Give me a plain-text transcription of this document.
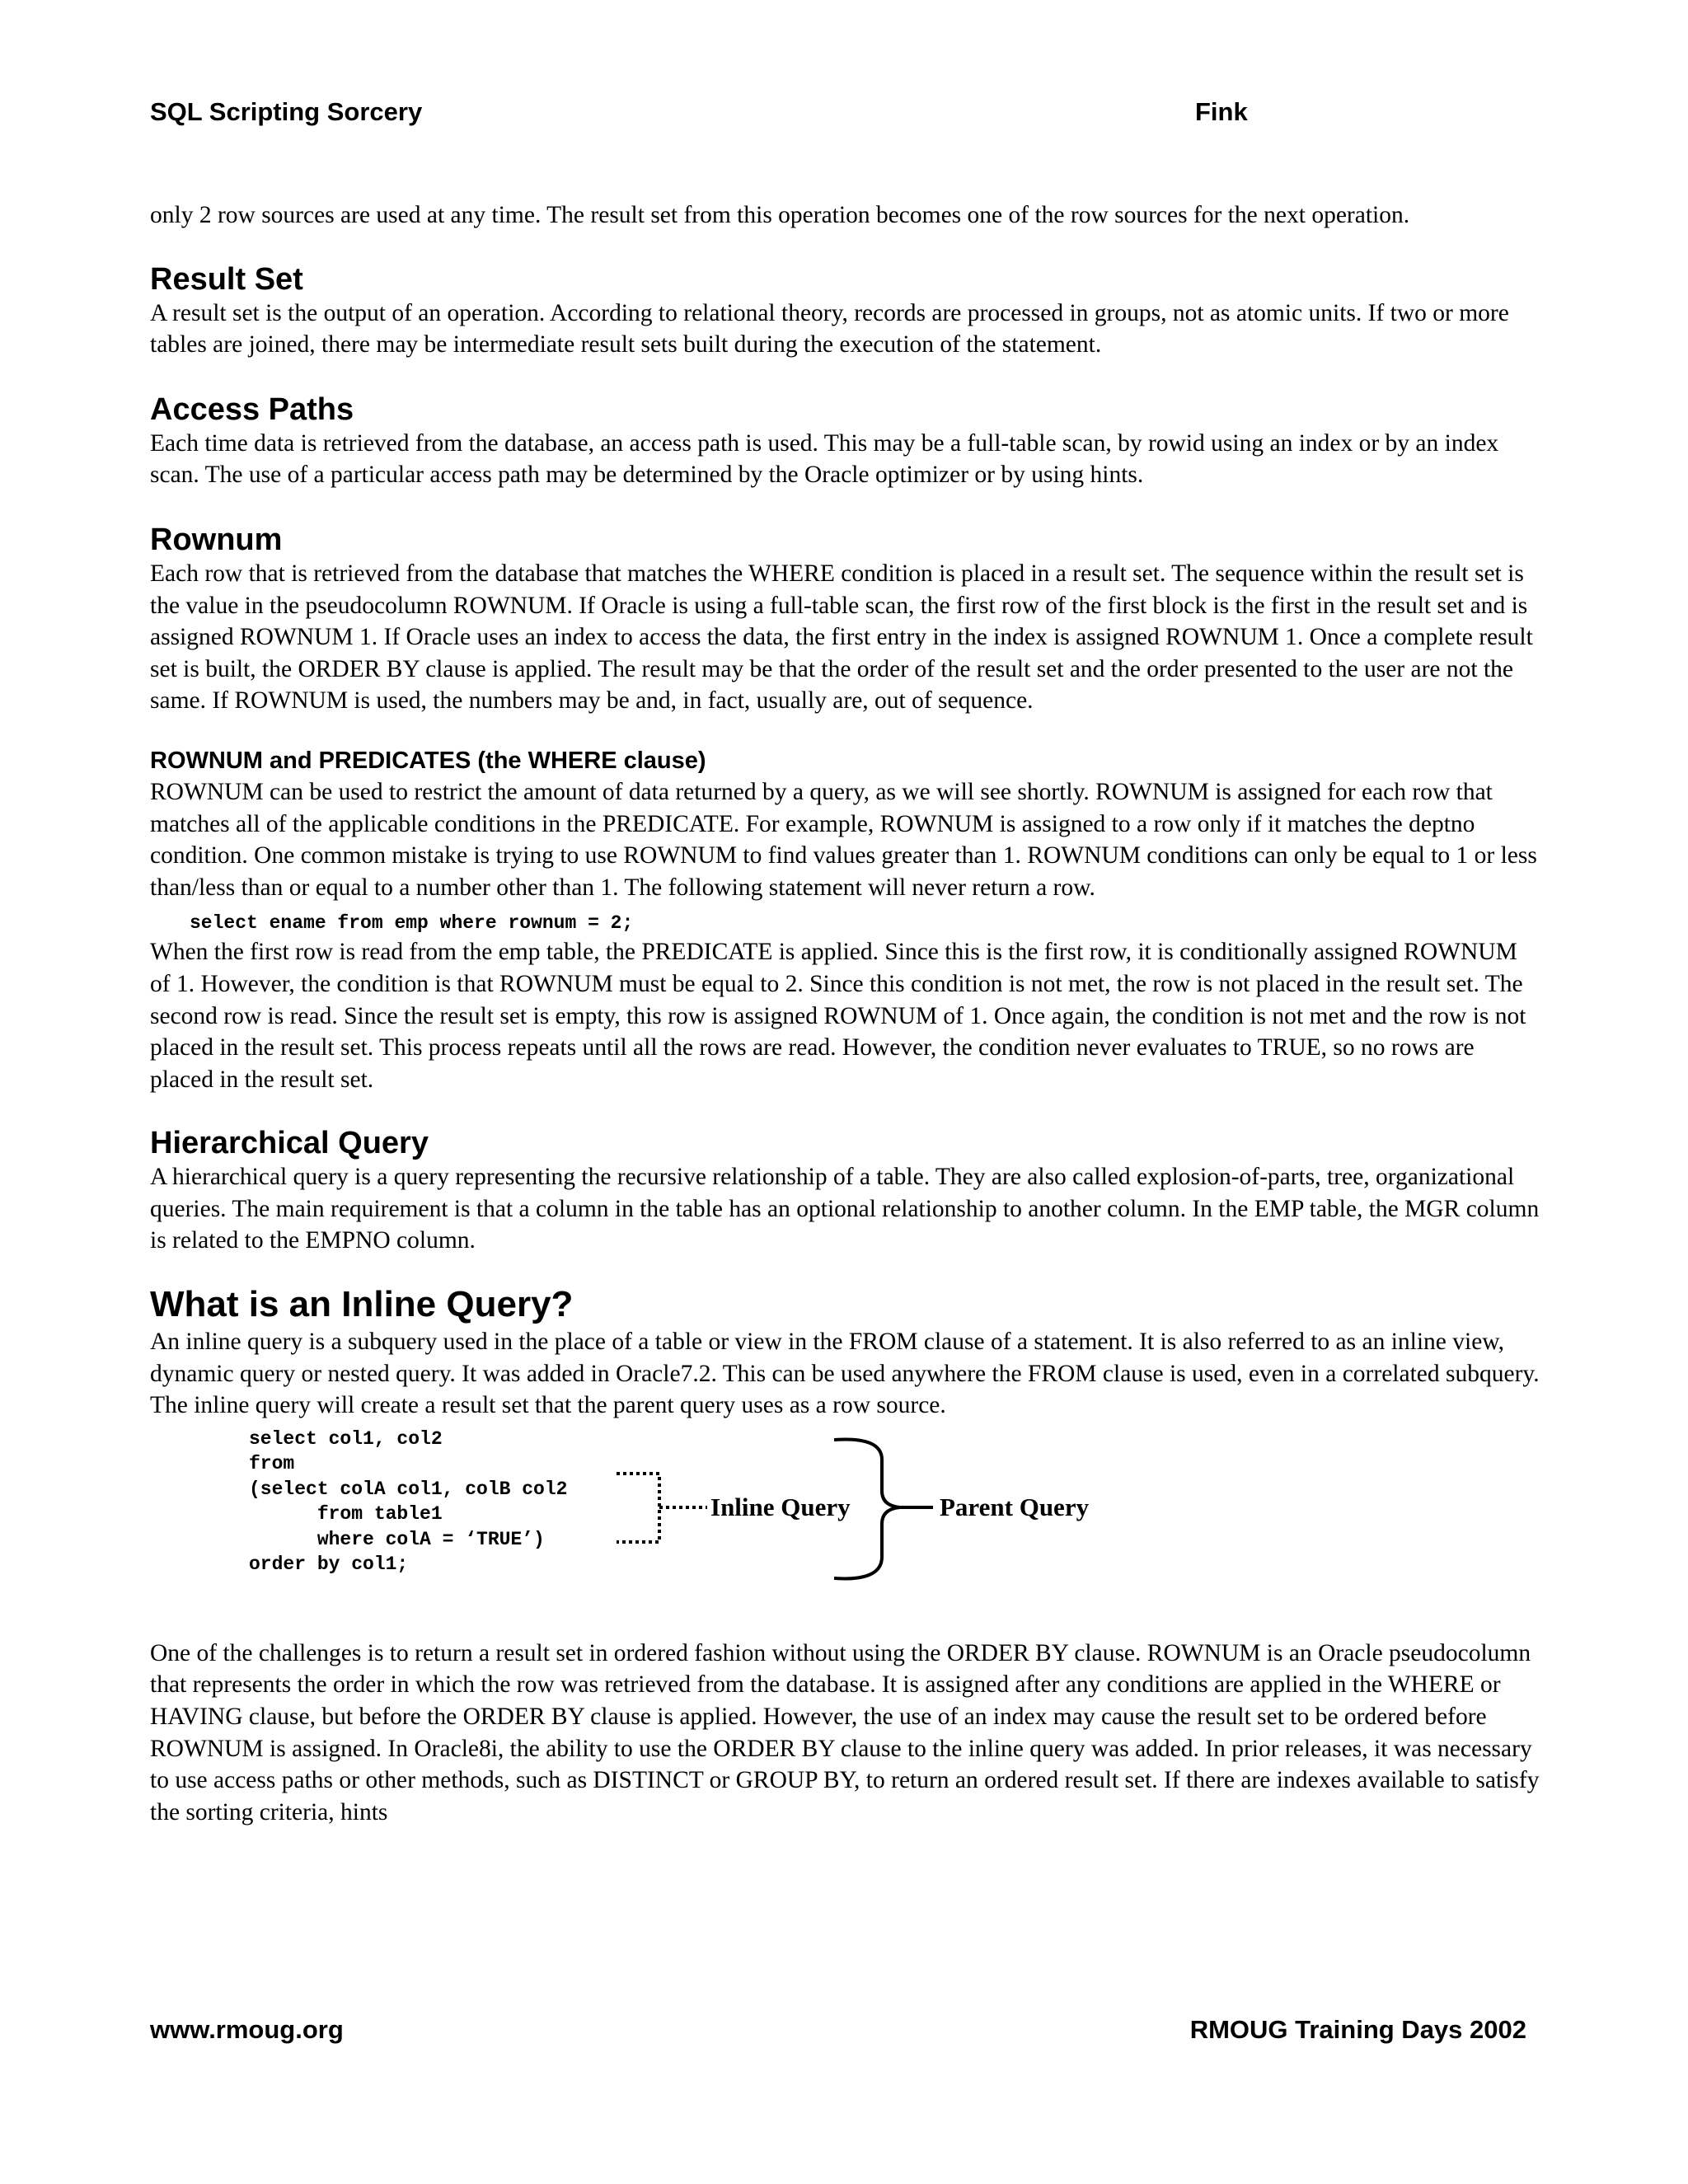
SQL Scripting Sorcery	Fink

only 2 row sources are used at any time. The result set from this operation becomes one of the row sources for the next operation.

Result Set

A result set is the output of an operation. According to relational theory, records are processed in groups, not as atomic units. If two or more tables are joined, there may be intermediate result sets built during the execution of the statement.

Access Paths

Each time data is retrieved from the database, an access path is used. This may be a full-table scan, by rowid using an index or by an index scan. The use of a particular access path may be determined by the Oracle optimizer or by using hints.

Rownum

Each row that is retrieved from the database that matches the WHERE condition is placed in a result set. The sequence within the result set is the value in the pseudocolumn ROWNUM. If Oracle is using a full-table scan, the first row of the first block is the first in the result set and is assigned ROWNUM 1. If Oracle uses an index to access the data, the first entry in the index is assigned ROWNUM 1. Once a complete result set is built, the ORDER BY clause is applied. The result may be that the order of the result set and the order presented to the user are not the same. If ROWNUM is used, the numbers may be and, in fact, usually are, out of sequence.

ROWNUM and PREDICATES (the WHERE clause)

ROWNUM can be used to restrict the amount of data returned by a query, as we will see shortly. ROWNUM is assigned for each row that matches all of the applicable conditions in the PREDICATE. For example, ROWNUM is assigned to a row only if it matches the deptno condition. One common mistake is trying to use ROWNUM to find values greater than 1. ROWNUM conditions can only be equal to 1 or less than/less than or equal to a number other than 1. The following statement will never return a row.

select ename from emp where rownum = 2;

When the first row is read from the emp table, the PREDICATE is applied. Since this is the first row, it is conditionally assigned ROWNUM of 1. However, the condition is that ROWNUM must be equal to 2. Since this condition is not met, the row is not placed in the result set. The second row is read. Since the result set is empty, this row is assigned ROWNUM of 1. Once again, the condition is not met and the row is not placed in the result set. This process repeats until all the rows are read. However, the condition never evaluates to TRUE, so no rows are placed in the result set.

Hierarchical Query

A hierarchical query is a query representing the recursive relationship of a table. They are also called explosion-of-parts, tree, organizational queries. The main requirement is that a column in the table has an optional relationship to another column. In the EMP table, the MGR column is related to the EMPNO column.

What is an Inline Query?

An inline query is a subquery used in the place of a table or view in the FROM clause of a statement. It is also referred to as an inline view, dynamic query or nested query. It was added in Oracle7.2. This can be used anywhere the FROM clause is used, even in a correlated subquery. The inline query will create a result set that the parent query uses as a row source.

select col1, col2
from
(select colA col1, colB col2
from table1
where colA = ‘TRUE’)
order by col1;
Inline Query	Parent Query

One of the challenges is to return a result set in ordered fashion without using the ORDER BY clause. ROWNUM is an Oracle pseudocolumn that represents the order in which the row was retrieved from the database. It is assigned after any conditions are applied in the WHERE or HAVING clause, but before the ORDER BY clause is applied. However, the use of an index may cause the result set to be ordered before ROWNUM is assigned. In Oracle8i, the ability to use the ORDER BY clause to the inline query was added. In prior releases, it was necessary to use access paths or other methods, such as DISTINCT or GROUP BY, to return an ordered result set. If there are indexes available to satisfy the sorting criteria, hints

www.rmoug.org	RMOUG Training Days 2002
